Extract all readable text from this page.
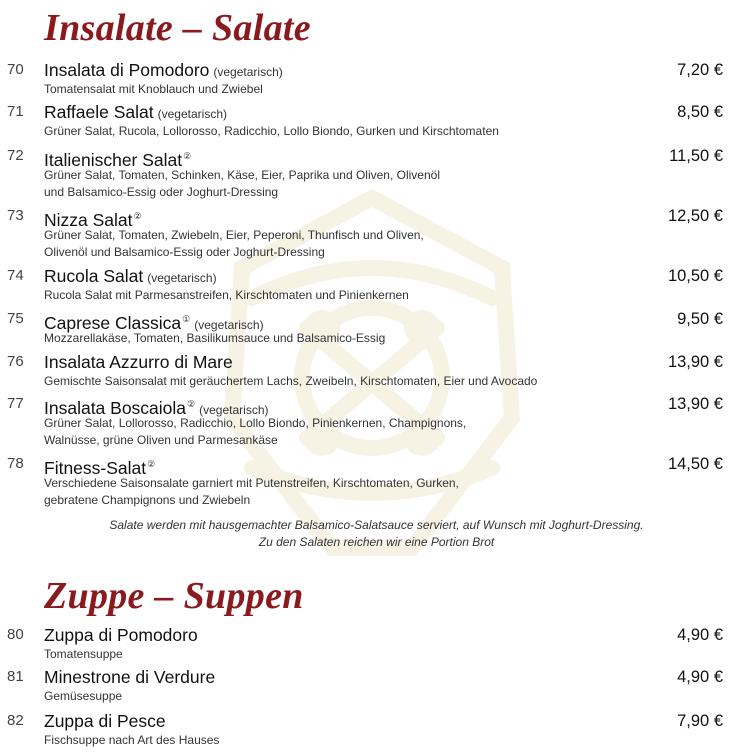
Insalate – Salate
70 Insalata di Pomodoro (vegetarisch)	7,20 €
Tomatensalat mit Knoblauch und Zwiebel
71 Raffaele Salat (vegetarisch)	8,50 €
Grüner Salat, Rucola, Lollorosso, Radicchio, Lollo Biondo, Gurken und Kirschtomaten
72 Italienischer Salat②	11,50 €
Grüner Salat, Tomaten, Schinken, Käse, Eier, Paprika und Oliven, Olivenöl
und Balsamico-Essig oder Joghurt-Dressing
73 Nizza Salat②	12,50 €
Grüner Salat, Tomaten, Zwiebeln, Eier, Peperoni, Thunfisch und Oliven,
Olivenöl und Balsamico-Essig oder Joghurt-Dressing
74 Rucola Salat (vegetarisch)	10,50 €
Rucola Salat mit Parmesanstreifen, Kirschtomaten und Pinienkernen
75 Caprese Classica① (vegetarisch)	9,50 €
Mozzarellakäse, Tomaten, Basilikumsauce und Balsamico-Essig
76 Insalata Azzurro di Mare	13,90 €
Gemischte Saisonsalat mit geräuchertem Lachs, Zweibeln, Kirschtomaten, Eier und Avocado
77 Insalata Boscaiola② (vegetarisch)	13,90 €
Grüner Salat, Lollorosso, Radicchio, Lollo Biondo, Pinienkernen, Champignons,
Walnüsse, grüne Oliven und Parmesankäse
78 Fitness-Salat②	14,50 €
Verschiedene Saisonsalate garniert mit Putenstreifen, Kirschtomaten, Gurken,
gebratene Champignons und Zwiebeln
Salate werden mit hausgemachter Balsamico-Salatsauce serviert, auf Wunsch mit Joghurt-Dressing.
Zu den Salaten reichen wir eine Portion Brot
Zuppe – Suppen
80 Zuppa di Pomodoro	4,90 €
Tomatensuppe
81 Minestrone di Verdure	4,90 €
Gemüsesuppe
82 Zuppa di Pesce	7,90 €
Fischsuppe nach Art des Hauses
